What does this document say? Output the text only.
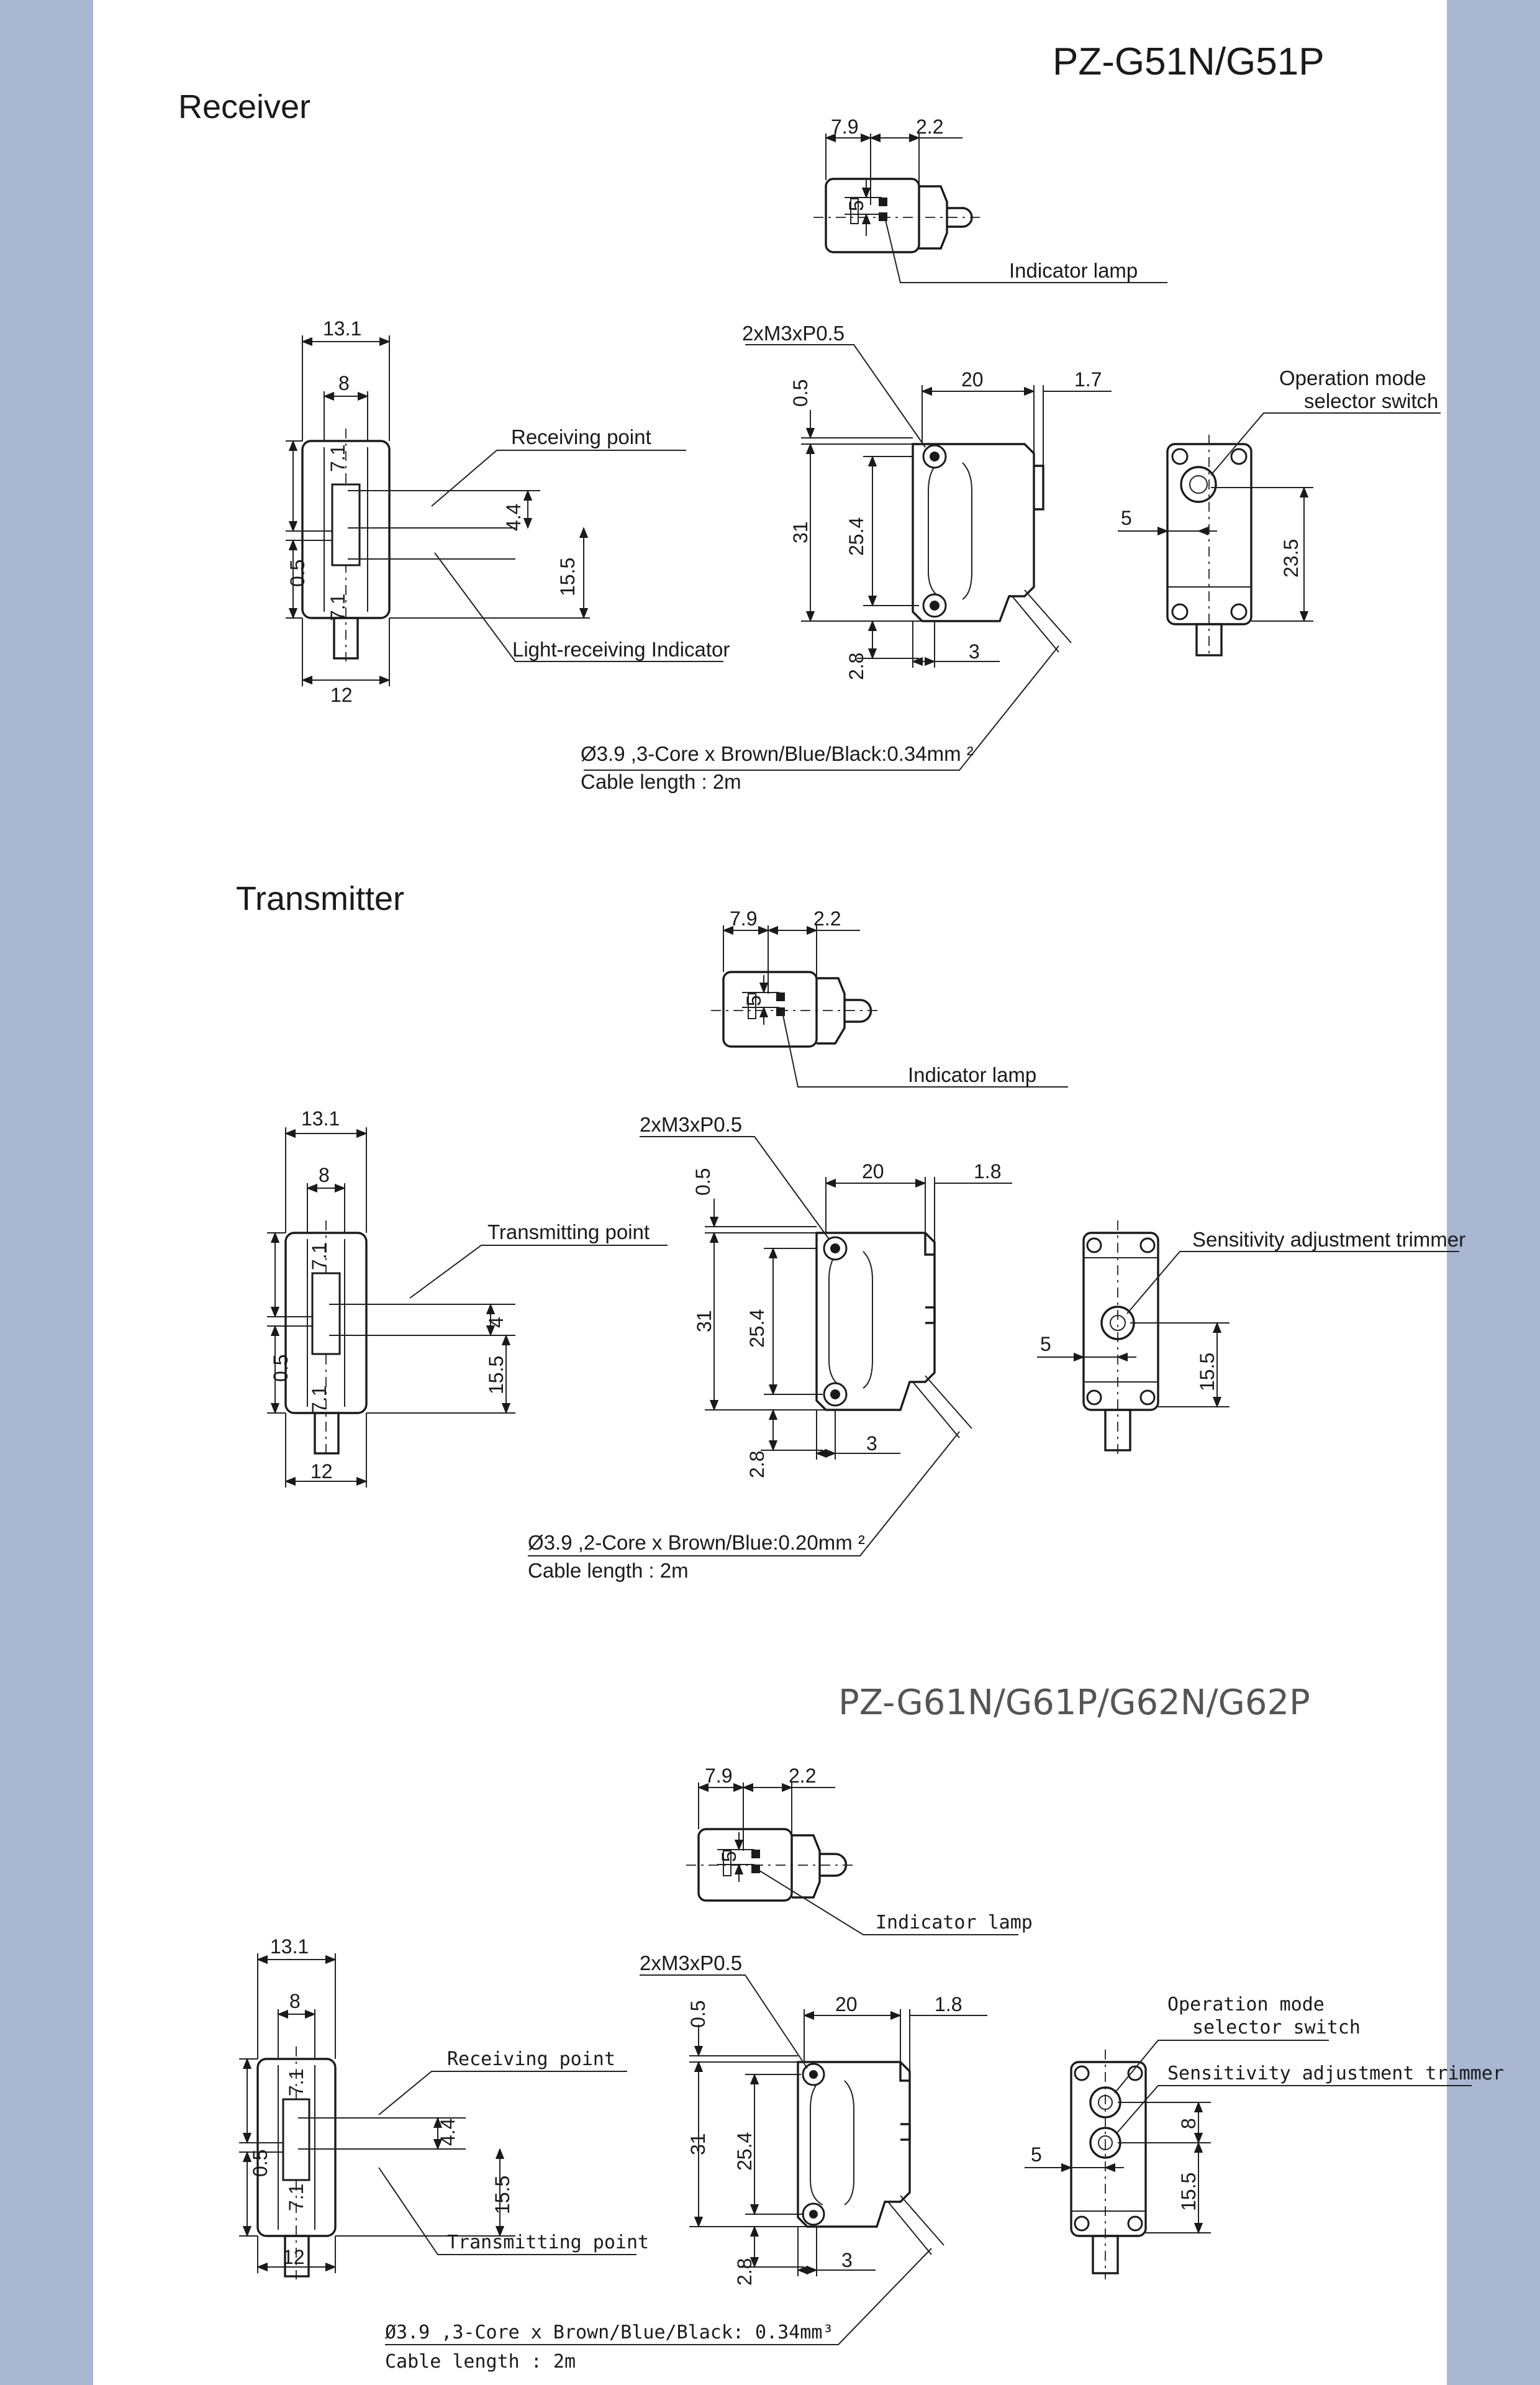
PZ-G51N/G51P
Receiver
Transmitter
PZ-G61N/G61P/G62N/G62P
7.9	2.2
5
Indicator lamp
13.1
8
12
7.1
0.5
7.1
4.4
15.5
Receiving point
Light-receiving Indicator
31 25.4
0.5
2.8
3
20	1.7
2xM3xP0.5
Ø3.9 ,3-Core x Brown/Blue/Black:0.34mm ²
Cable length : 2m
5
23.5
Operation mode
selector switch
7.9	2.2
5
Indicator lamp
13.1
8
12
7.1
0.5
7.1
4
15.5
Transmitting point
31 25.4
0.5
2.8
3
20	1.8
2xM3xP0.5
Ø3.9 ,2-Core x Brown/Blue:0.20mm ²
Cable length : 2m
5
15.5
Sensitivity adjustment trimmer
7.9	2.2
5
Indicator lamp
13.1
8
12
7.1
0.5
7.1
4.4
15.5
Receiving point
Transmitting point
31 25.4
0.5
2.8	3
20	1.8
2xM3xP0.5
Ø3.9 ,3-Core x Brown/Blue/Black: 0.34mm³
Cable length : 2m
5
8
15.5
Operation mode
selector switch
Sensitivity adjustment trimmer
